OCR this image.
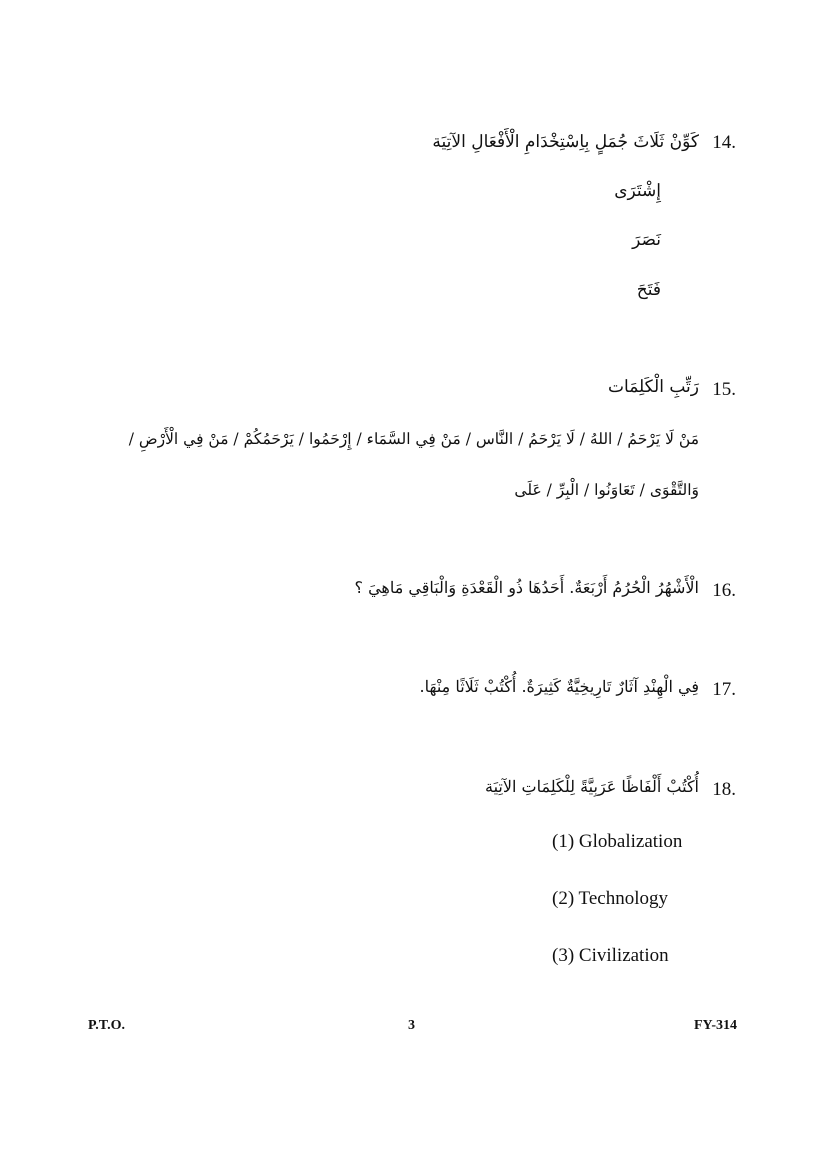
14.
كَوِّنْ ثَلَاثَ جُمَلٍ بِاِسْتِخْدَامِ الْأَفْعَالِ الآتِيَة
إِشْتَرَى
نَصَرَ
فَتَحَ
15.
رَتِّبِ الْكَلِمَات
مَنْ لَا يَرْحَمُ / اللهُ / لَا يَرْحَمُ / النَّاس / مَنْ فِي السَّمَاء / إِرْحَمُوا / يَرْحَمُكُمْ / مَنْ فِي الْأَرْضِ /
وَالتَّقْوَى / تَعَاوَنُوا / الْبِرِّ / عَلَى
16.
الْأَشْهُرُ الْحُرُمُ أَرْبَعَةٌ. أَحَدُهَا ذُو الْقَعْدَةِ وَالْبَاقِي مَاهِيَ ؟
17.
فِي الْهِنْدِ آثَارٌ تَارِيخِيَّةٌ كَثِيرَةٌ. أُكْتُبْ ثَلَاثًا مِنْهَا.
18.
أُكْتُبْ أَلْفَاظًا عَرَبِيَّةً لِلْكَلِمَاتِ الآتِيَة
(1) Globalization
(2) Technology
(3) Civilization
P.T.O.	3	FY-314
